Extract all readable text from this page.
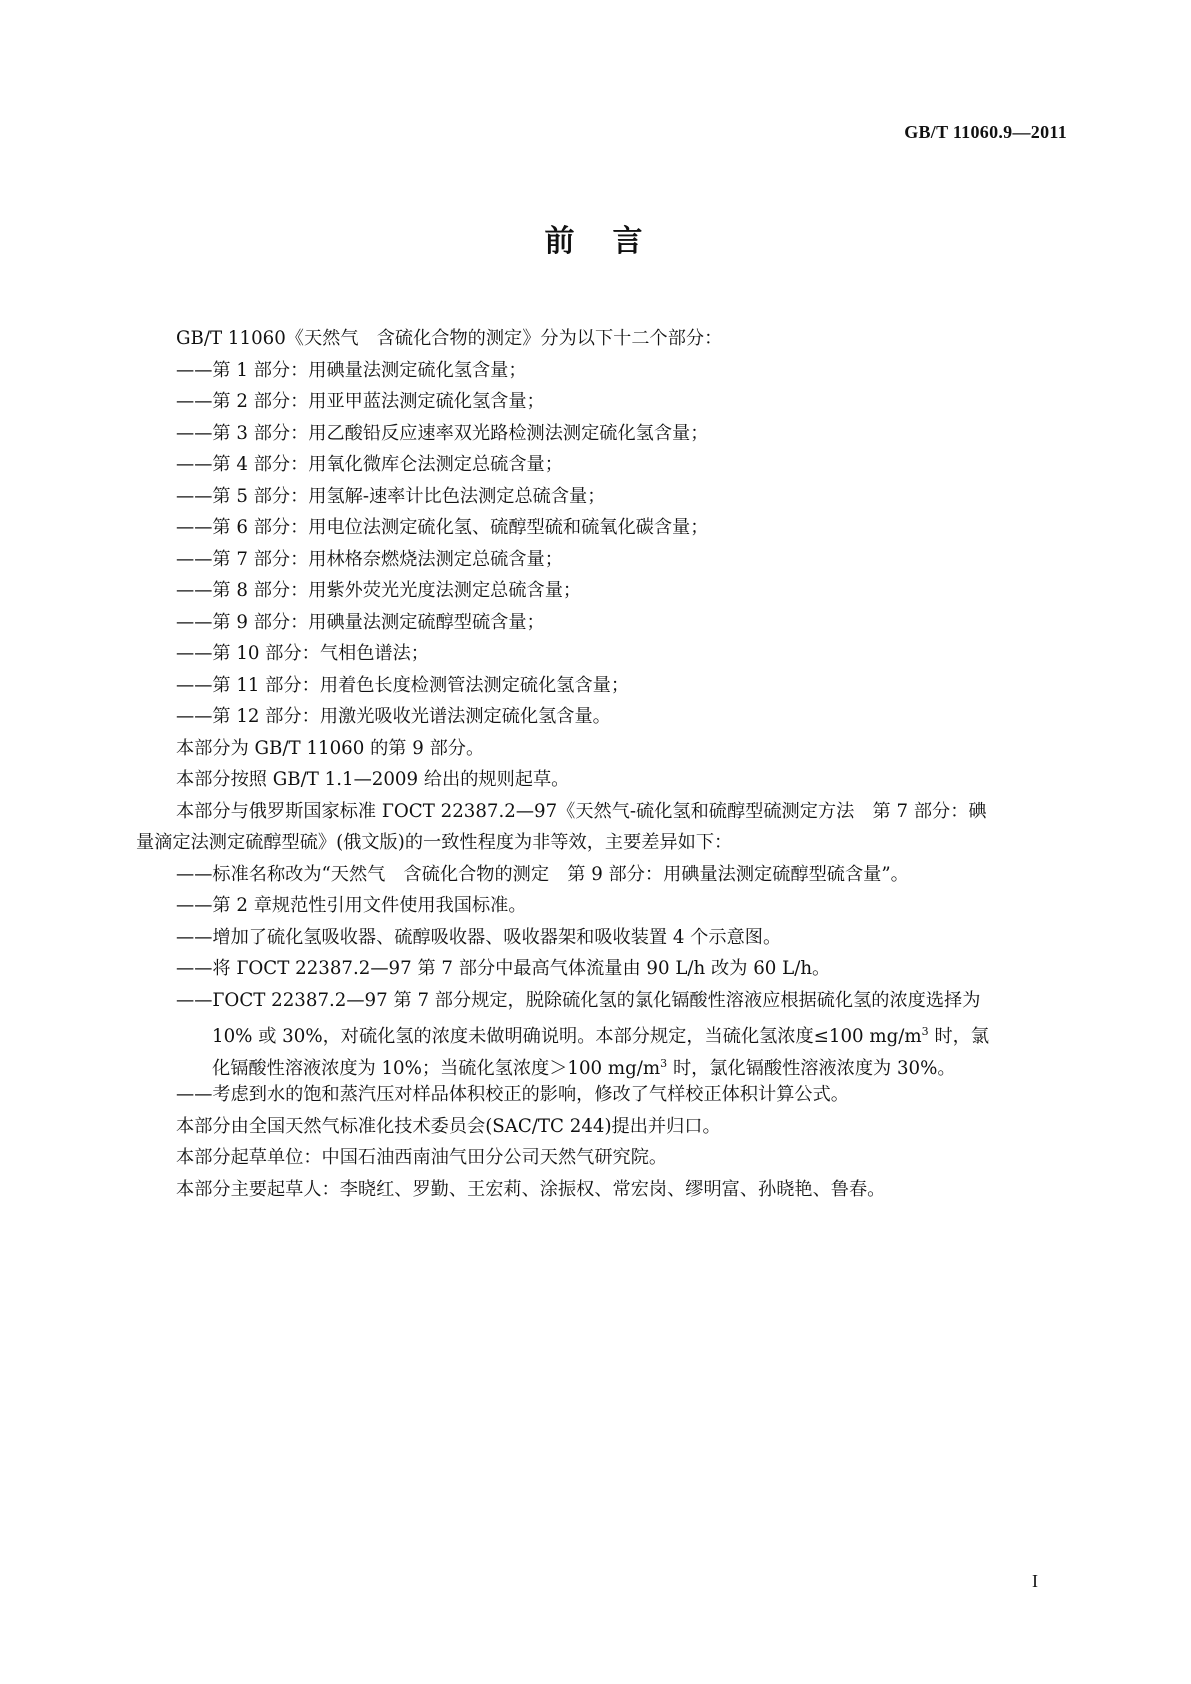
GB/T 11060.9—2011
前　言

GB/T 11060《天然气　含硫化合物的测定》分为以下十二个部分：

——第 1 部分：用碘量法测定硫化氢含量；

——第 2 部分：用亚甲蓝法测定硫化氢含量；

——第 3 部分：用乙酸铅反应速率双光路检测法测定硫化氢含量；

——第 4 部分：用氧化微库仑法测定总硫含量；

——第 5 部分：用氢解-速率计比色法测定总硫含量；

——第 6 部分：用电位法测定硫化氢、硫醇型硫和硫氧化碳含量；

——第 7 部分：用林格奈燃烧法测定总硫含量；

——第 8 部分：用紫外荧光光度法测定总硫含量；

——第 9 部分：用碘量法测定硫醇型硫含量；

——第 10 部分：气相色谱法；

——第 11 部分：用着色长度检测管法测定硫化氢含量；

——第 12 部分：用激光吸收光谱法测定硫化氢含量。

本部分为 GB/T 11060 的第 9 部分。

本部分按照 GB/T 1.1—2009 给出的规则起草。

本部分与俄罗斯国家标准 ГОСТ 22387.2—97《天然气-硫化氢和硫醇型硫测定方法　第 7 部分：碘

量滴定法测定硫醇型硫》(俄文版)的一致性程度为非等效，主要差异如下：

——标准名称改为“天然气　含硫化合物的测定　第 9 部分：用碘量法测定硫醇型硫含量”。

——第 2 章规范性引用文件使用我国标准。

——增加了硫化氢吸收器、硫醇吸收器、吸收器架和吸收装置 4 个示意图。

——将 ГОСТ 22387.2—97 第 7 部分中最高气体流量由 90 L/h 改为 60 L/h。

——ГОСТ 22387.2—97 第 7 部分规定，脱除硫化氢的氯化镉酸性溶液应根据硫化氢的浓度选择为

10% 或 30%，对硫化氢的浓度未做明确说明。本部分规定，当硫化氢浓度≤100 $mg/m^3$ 时，氯

化镉酸性溶液浓度为 10%；当硫化氢浓度＞100 $mg/m^3$ 时，氯化镉酸性溶液浓度为 30%。

——考虑到水的饱和蒸汽压对样品体积校正的影响，修改了气样校正体积计算公式。

本部分由全国天然气标准化技术委员会(SAC/TC 244)提出并归口。

本部分起草单位：中国石油西南油气田分公司天然气研究院。

本部分主要起草人：李晓红、罗勤、王宏莉、涂振权、常宏岗、缪明富、孙晓艳、鲁春。

I
